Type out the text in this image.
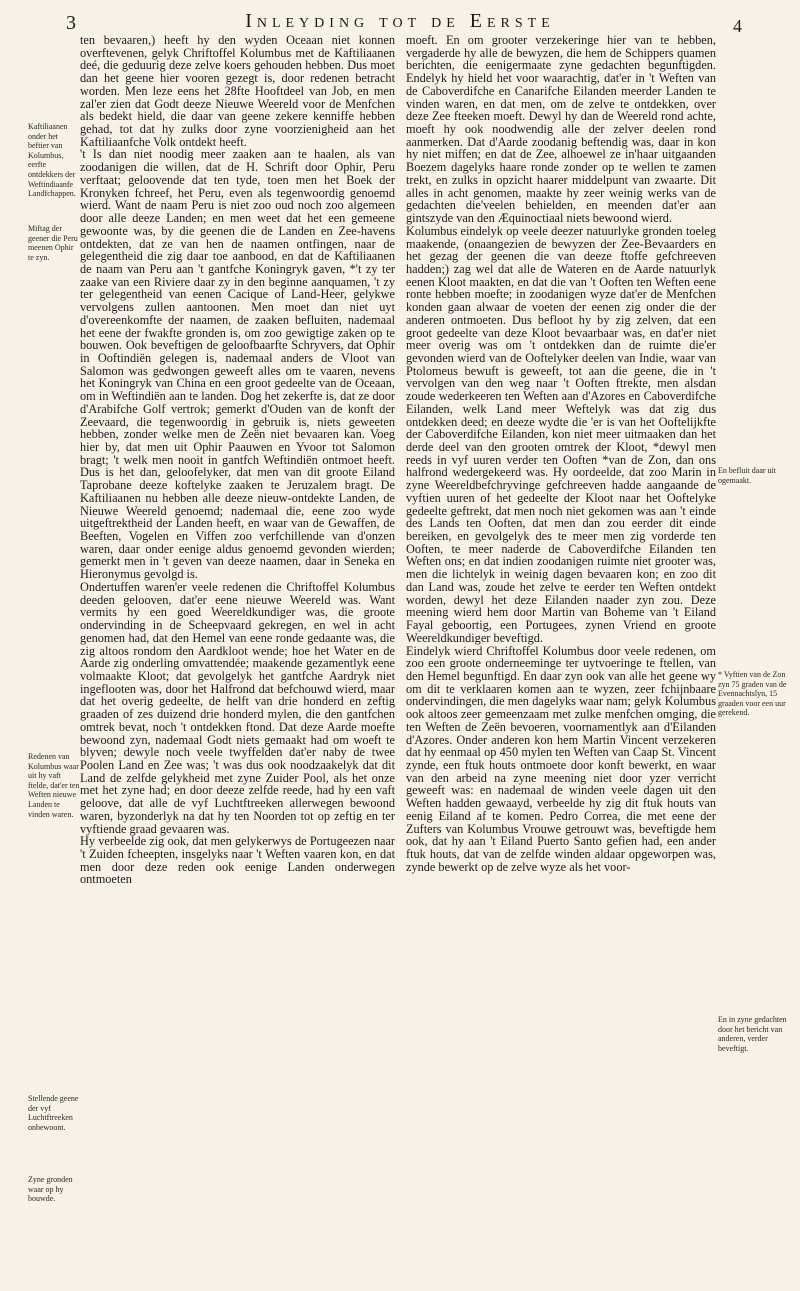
3	Inleyding tot de Eerste	4

ten bevaaren,) heeft hy den wyden Oceaan niet konnen overftevenen, gelyk Chriftoffel Kolumbus met de Kaftiliaanen deé, die geduurig deze zelve koers gehouden hebben. Dus moet dan het geene hier vooren gezegt is, door redenen betracht worden. Men leze eens het 28fte Hooftdeel van Job, en men zal'er zien dat Godt deeze Nieuwe Weereld voor de Menfchen als bedekt hield, die daar van geene zekere kenniffe hebben gehad, tot dat hy zulks door zyne voorzienigheid aan het Kaftiliaanfche Volk ontdekt heeft.

't Is dan niet noodig meer zaaken aan te haalen, als van zoodanigen die willen, dat de H. Schrift door Ophir, Peru verftaat; geloovende dat ten tyde, toen men het Boek der Kronyken fchreef, het Peru, even als tegenwoordig genoemd wierd. Want de naam Peru is niet zoo oud noch zoo algemeen door alle deeze Landen; en men weet dat het een gemeene gewoonte was, by die geenen die de Landen en Zee-havens ontdekten, dat ze van hen de naamen ontfingen, naar de gelegentheid die zig daar toe aanbood, en dat de Kaftiliaanen de naam van Peru aan 't gantfche Koningryk gaven, *'t zy ter zaake van een Riviere daar zy in den beginne aanquamen, 't zy ter gelegentheid van eenen Cacique of Land-Heer, gelykwe vervolgens zullen aantoonen. Men moet dan niet uyt d'overeenkomfte der naamen, de zaaken befluiten, nademaal het eene der fwakfte gronden is, om zoo gewigtige zaken op te bouwen. Ook beveftigen de geloofbaarfte Schryvers, dat Ophir in Ooftindiën gelegen is, nademaal anders de Vloot van Salomon was gedwongen geweeft alles om te vaaren, nevens het Koningryk van China en een groot gedeelte van de Oceaan, om in Weftindiën aan te landen. Dog het zekerfte is, dat ze door d'Arabifche Golf vertrok; gemerkt d'Ouden van de konft der Zeevaard, die tegenwoordig in gebruik is, niets geweeten hebben, zonder welke men de Zeën niet bevaaren kan. Voeg hier by, dat men uit Ophir Paauwen en Yvoor tot Salomon bragt; 't welk men nooit in gantfch Weftindiën ontmoet heeft. Dus is het dan, geloofelyker, dat men van dit groote Eiland Taprobane deeze koftelyke zaaken te Jeruzalem bragt. De Kaftiliaanen nu hebben alle deeze nieuw-ontdekte Landen, de Nieuwe Weereld genoemd; nademaal die, eene zoo wyde uitgeftrektheid der Landen heeft, en waar van de Gewaffen, de Beeften, Vogelen en Viffen zoo verfchillende van d'onzen waren, daar onder eenige aldus genoemd gevonden wierden; gemerkt men in 't geven van deeze naamen, daar in Seneka en Hieronymus gevolgd is.

Ondertuffen waren'er veele redenen die Chriftoffel Kolumbus deeden gelooven, dat'er eene nieuwe Weereld was. Want vermits hy een goed Weereldkundiger was, die groote ondervinding in de Scheepvaard gekregen, en wel in acht genomen had, dat den Hemel van eene ronde gedaante was, die zig altoos rondom den Aardkloot wende; hoe het Water en de Aarde zig onderling omvattendée; maakende gezamentlyk eene volmaakte Kloot; dat gevolgelyk het gantfche Aardryk niet ingeflooten was, door het Halfrond dat befchouwd wierd, maar dat het overig gedeelte, de helft van drie honderd en zeftig graaden of zes duizend drie honderd mylen, die den gantfchen omtrek bevat, noch 't ontdekken ftond. Dat deze Aarde moefte bewoond zyn, nademaal Godt niets gemaakt had om woeft te blyven; dewyle noch veele twyffelden dat'er naby de twee Poolen Land en Zee was; 't was dus ook noodzaakelyk dat dit Land de zelfde gelykheid met zyne Zuider Pool, als het onze met het zyne had; en door deeze zelfde reede, had hy een vaft geloove, dat alle de vyf Luchtftreeken allerwegen bewoond waren, byzonderlyk na dat hy ten Noorden tot op zeftig en ter vyftiende graad gevaaren was.

Hy verbeelde zig ook, dat men gelykerwys de Portugeezen naar 't Zuiden fcheepten, insgelyks naar 't Weften vaaren kon, en dat men door deze reden ook eenige Landen onderwegen ontmoeten

moeft. En om grooter verzekeringe hier van te hebben, vergaderde hy alle de bewyzen, die hem de Schippers quamen berichten, die eenigermaate zyne gedachten begunftigden. Endelyk hy hield het voor waarachtig, dat'er in 't Weften van de Caboverdifche en Canarifche Eilanden meerder Landen te vinden waren, en dat men, om de zelve te ontdekken, over deze Zee fteeken moeft. Dewyl hy dan de Weereld rond achte, moeft hy ook noodwendig alle der zelver deelen rond aanmerken. Dat d'Aarde zoodanig beftendig was, daar in kon hy niet miffen; en dat de Zee, alhoewel ze in'haar uitgaanden Boezem dagelyks haare ronde zonder op te wellen te zamen trekt, en zulks in opzicht haarer middelpunt van zwaarte. Dit alles in acht genomen, maakte hy zeer weinig werks van de gedachten die'veelen behielden, en meenden dat'er aan gintszyde van den Æquinoctiaal niets bewoond wierd.

Kolumbus eindelyk op veele deezer natuurlyke gronden toeleg maakende, (onaangezien de bewyzen der Zee-Bevaarders en het gezag der geenen die van deeze ftoffe gefchreeven hadden;) zag wel dat alle de Wateren en de Aarde natuurlyk eenen Kloot maakten, en dat die van 't Ooften ten Weften eene ronte hebben moefte; in zoodanigen wyze dat'er de Menfchen konden gaan alwaar de voeten der eenen zig onder die der anderen ontmoeten. Dus befloot hy by zig zelven, dat een groot gedeelte van deze Kloot bevaarbaar was, en dat'er niet meer overig was om 't ontdekken dan de ruimte die'er gevonden wierd van de Ooftelyker deelen van Indie, waar van Ptolomeus bewuft is geweeft, tot aan die geene, die in 't vervolgen van den weg naar 't Ooften ftrekte, men alsdan zoude wederkeeren ten Weften aan d'Azores en Caboverdifche Eilanden, welk Land meer Weftelyk was dat zig dus ontdekken deed; en deeze wydte die 'er is van het Ooftelijkfte der Caboverdifche Eilanden, kon niet meer uitmaaken dan het derde deel van den grooten omtrek der Kloot, *dewyl men reeds in vyf uuren verder ten Ooften *van de Zon, dan ons halfrond wedergekeerd was. Hy oordeelde, dat zoo Marin in zyne Weereldbefchryvinge gefchreeven hadde aangaande de vyftien uuren of het gedeelte der Kloot naar het Ooftelyke gedeelte geftrekt, dat men noch niet gekomen was aan 't einde des Lands ten Ooften, dat men dan zou eerder dit einde bereiken, en gevolgelyk des te meer men zig vorderde ten Ooften, te meer naderde de Caboverdifche Eilanden ten Weften ons; en dat indien zoodanigen ruimte niet grooter was, men die lichtelyk in weinig dagen bevaaren kon; en zoo dit dan Land was, zoude het zelve te eerder ten Weften ontdekt worden, dewyl het deze Eilanden naader zyn zou. Deze meening wierd hem door Martin van Boheme van 't Eiland Fayal geboortig, een Portugees, zynen Vriend en groote Weereldkundiger beveftigd.

Eindelyk wierd Chriftoffel Kolumbus door veele redenen, om zoo een groote onderneeminge ter uytvoeringe te ftellen, van den Hemel begunftigd. En daar zyn ook van alle het geene wy om dit te verklaaren komen aan te wyzen, zeer fchijnbaare ondervindingen, die men dagelyks waar nam; gelyk Kolumbus ook altoos zeer gemeenzaam met zulke menfchen omging, die ten Weften de Zeën bevoeren, voornamentlyk aan d'Eilanden d'Azores. Onder anderen kon hem Martin Vincent verzekeren dat hy eenmaal op 450 mylen ten Weften van Caap St. Vincent zynde, een ftuk houts ontmoete door konft bewerkt, en waar van den arbeid na zyne meening niet door yzer verricht geweeft was: en nademaal de winden veele dagen uit den Weften hadden gewaayd, verbeelde hy zig dit ftuk houts van eenig Eiland af te komen. Pedro Correa, die met eene der Zufters van Kolumbus Vrouwe getrouwt was, beveftigde hem ook, dat hy aan 't Eiland Puerto Santo gefien had, een ander ftuk houts, dat van de zelfde winden aldaar opgeworpen was, zynde bewerkt op de zelve wyze als het voor-

Kaftiliaanen onder het beftier van Kolumbus, eerfte ontdekkers der Weftindiaanfe Landfchappen.
Miftag der geener die Peru meenen Ophir te zyn.
Redenen van Kolumbus waar uit hy vaft ftelde, dat'er ten Weften nieuwe Landen te vinden waren.
Stellende geene der vyf Luchtftreeken onbewoont.
Zyne gronden waar op hy bouwde.
En befluit daar uit ogemaakt.
* Vyftien van de Zon zyn 75 graden van de Evennachtslyn, 15 graaden voor een uur gerekend.
En in zyne gedachten door het bericht van anderen, verder beveftigt.
